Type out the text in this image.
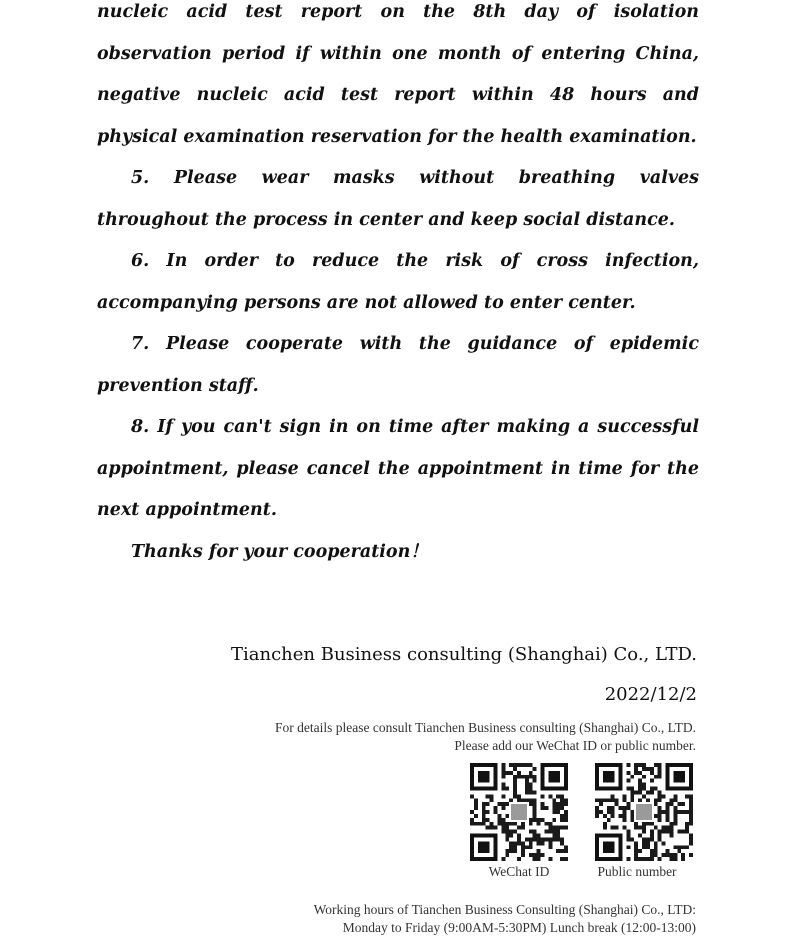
nucleic acid test report on the 8th day of isolation observation period if within one month of entering China, negative nucleic acid test report within 48 hours and physical examination reservation for the health examination.

5. Please wear masks without breathing valves throughout the process in center and keep social distance.

6. In order to reduce the risk of cross infection, accompanying persons are not allowed to enter center.

7. Please cooperate with the guidance of epidemic prevention staff.

8. If you can't sign in on time after making a successful appointment, please cancel the appointment in time for the next appointment.

Thanks for your cooperation！

Tianchen Business consulting (Shanghai) Co., LTD.
2022/12/2
For details please consult Tianchen Business consulting (Shanghai) Co., LTD.
Please add our WeChat ID or public number.
WeChat ID	Public number
Working hours of Tianchen Business Consulting (Shanghai) Co., LTD:
Monday to Friday (9:00AM-5:30PM) Lunch break (12:00-13:00)
